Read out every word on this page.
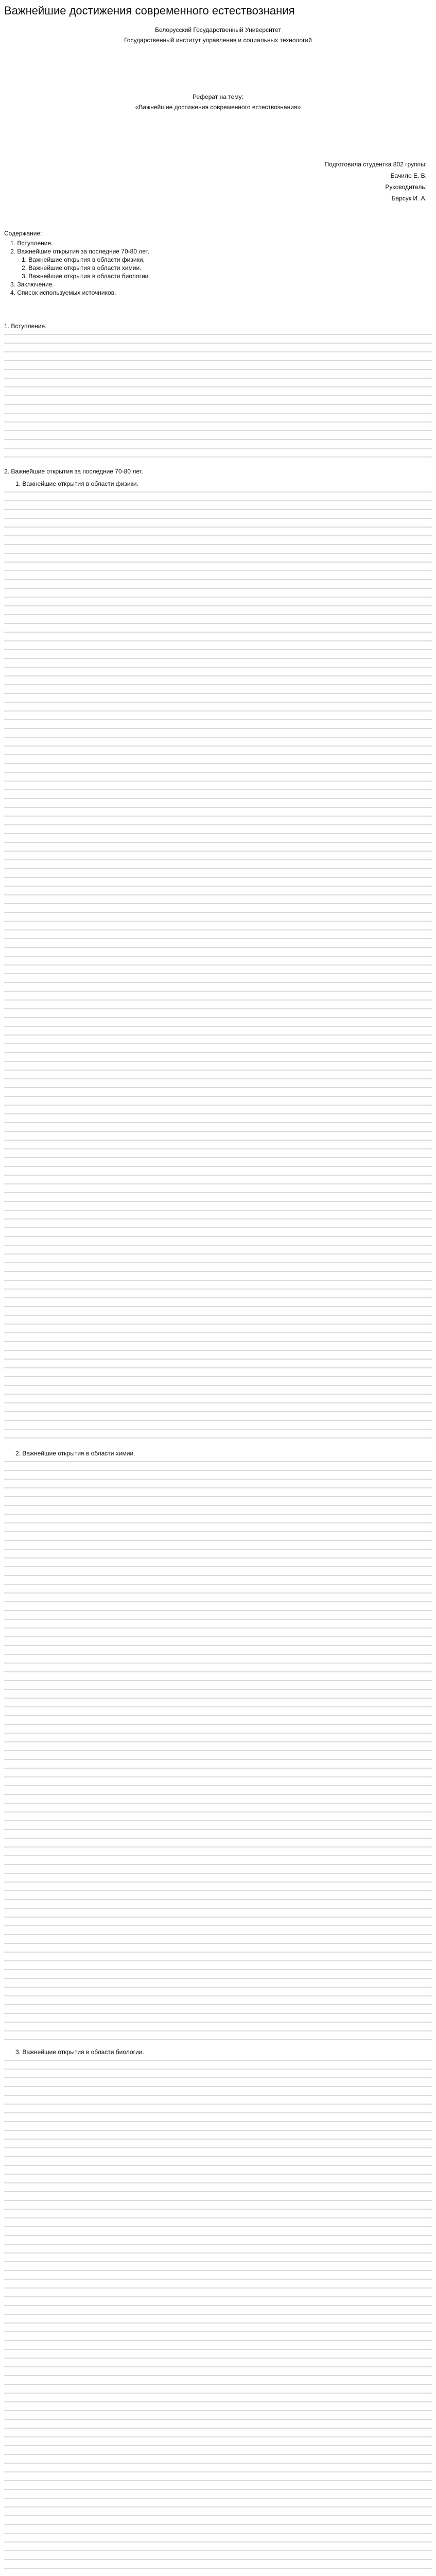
Важнейшие достижения современного естествознания
Белорусский Государственный Университет
Государственный институт управления и социальных технологий
Реферат на тему:
«Важнейшие достижения современного естествознания»
Подготовила студентка 802 группы:
Бачило Е. В.
Руководитель:
Барсук И. А.
Содержание:
1. Вступление.
2. Важнейшие открытия за последние 70-80 лет.
1. Важнейшие открытия в области физики.
2. Важнейшие открытия в области химии.
3. Важнейшие открытия в области биологии.
3. Заключение.
4. Список используемых источников.
1. Вступление.
2. Важнейшие открытия за последние 70-80 лет.
1. Важнейшие открытия в области физики.
2. Важнейшие открытия в области химии.
3. Важнейшие открытия в области биологии.
